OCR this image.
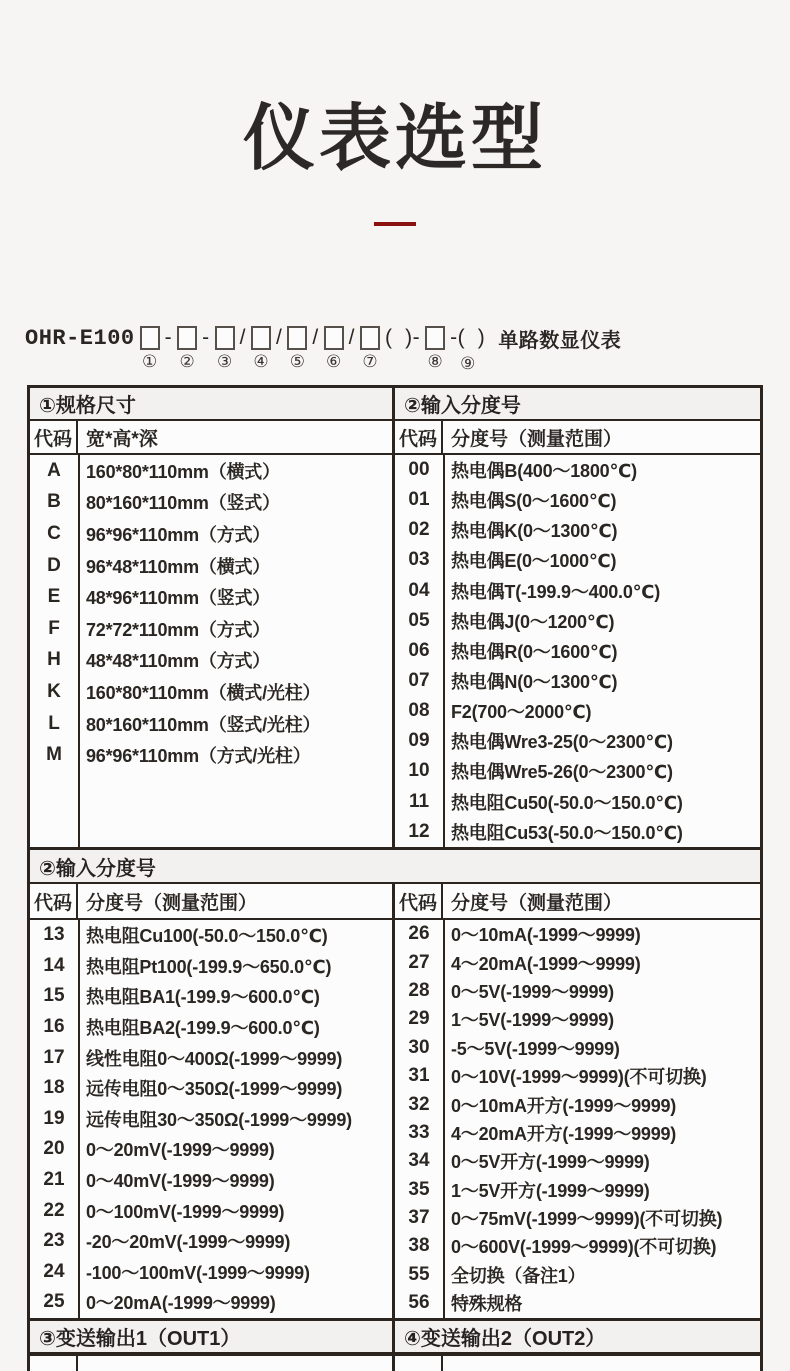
仪表选型
OHR-E100
①
-
②
-
③
/
④
/
⑤
/
⑥
/
⑦
(  )-
⑧
-(  )
⑨
单路数显仪表
①规格尺寸	②输入分度号
代码 宽*高*深	代码 分度号（测量范围）
A	160*80*110mm（横式）
B	80*160*110mm（竖式）
C	96*96*110mm（方式）
D	96*48*110mm（横式）
E	48*96*110mm（竖式）
F	72*72*110mm（方式）
H	48*48*110mm（方式）
K	160*80*110mm（横式/光柱）
L	80*160*110mm（竖式/光柱）
M	96*96*110mm（方式/光柱）
00	热电偶B(400～1800℃)
01	热电偶S(0～1600℃)
02	热电偶K(0～1300℃)
03	热电偶E(0～1000℃)
04	热电偶T(-199.9～400.0℃)
05	热电偶J(0～1200℃)
06	热电偶R(0～1600℃)
07	热电偶N(0～1300℃)
08	F2(700～2000℃)
09	热电偶Wre3-25(0～2300℃)
10	热电偶Wre5-26(0～2300℃)
11	热电阻Cu50(-50.0～150.0℃)
12	热电阻Cu53(-50.0～150.0℃)
②输入分度号
代码 分度号（测量范围）	代码 分度号（测量范围）
13	热电阻Cu100(-50.0～150.0℃)
14	热电阻Pt100(-199.9～650.0℃)
15	热电阻BA1(-199.9～600.0℃)
16	热电阻BA2(-199.9～600.0℃)
17	线性电阻0～400Ω(-1999～9999)
18	远传电阻0～350Ω(-1999～9999)
19	远传电阻30～350Ω(-1999～9999)
20	0～20mV(-1999～9999)
21	0～40mV(-1999～9999)
22	0～100mV(-1999～9999)
23	-20～20mV(-1999～9999)
24	-100～100mV(-1999～9999)
25	0～20mA(-1999～9999)
26	0～10mA(-1999～9999)
27	4～20mA(-1999～9999)
28	0～5V(-1999～9999)
29	1～5V(-1999～9999)
30	-5～5V(-1999～9999)
31	0～10V(-1999～9999)(不可切换)
32	0～10mA开方(-1999～9999)
33	4～20mA开方(-1999～9999)
34	0～5V开方(-1999～9999)
35	1～5V开方(-1999～9999)
37	0～75mV(-1999～9999)(不可切换)
38	0～600V(-1999～9999)(不可切换)
55	全切换（备注1）
56	特殊规格
③变送输出1（OUT1）	④变送输出2（OUT2）
